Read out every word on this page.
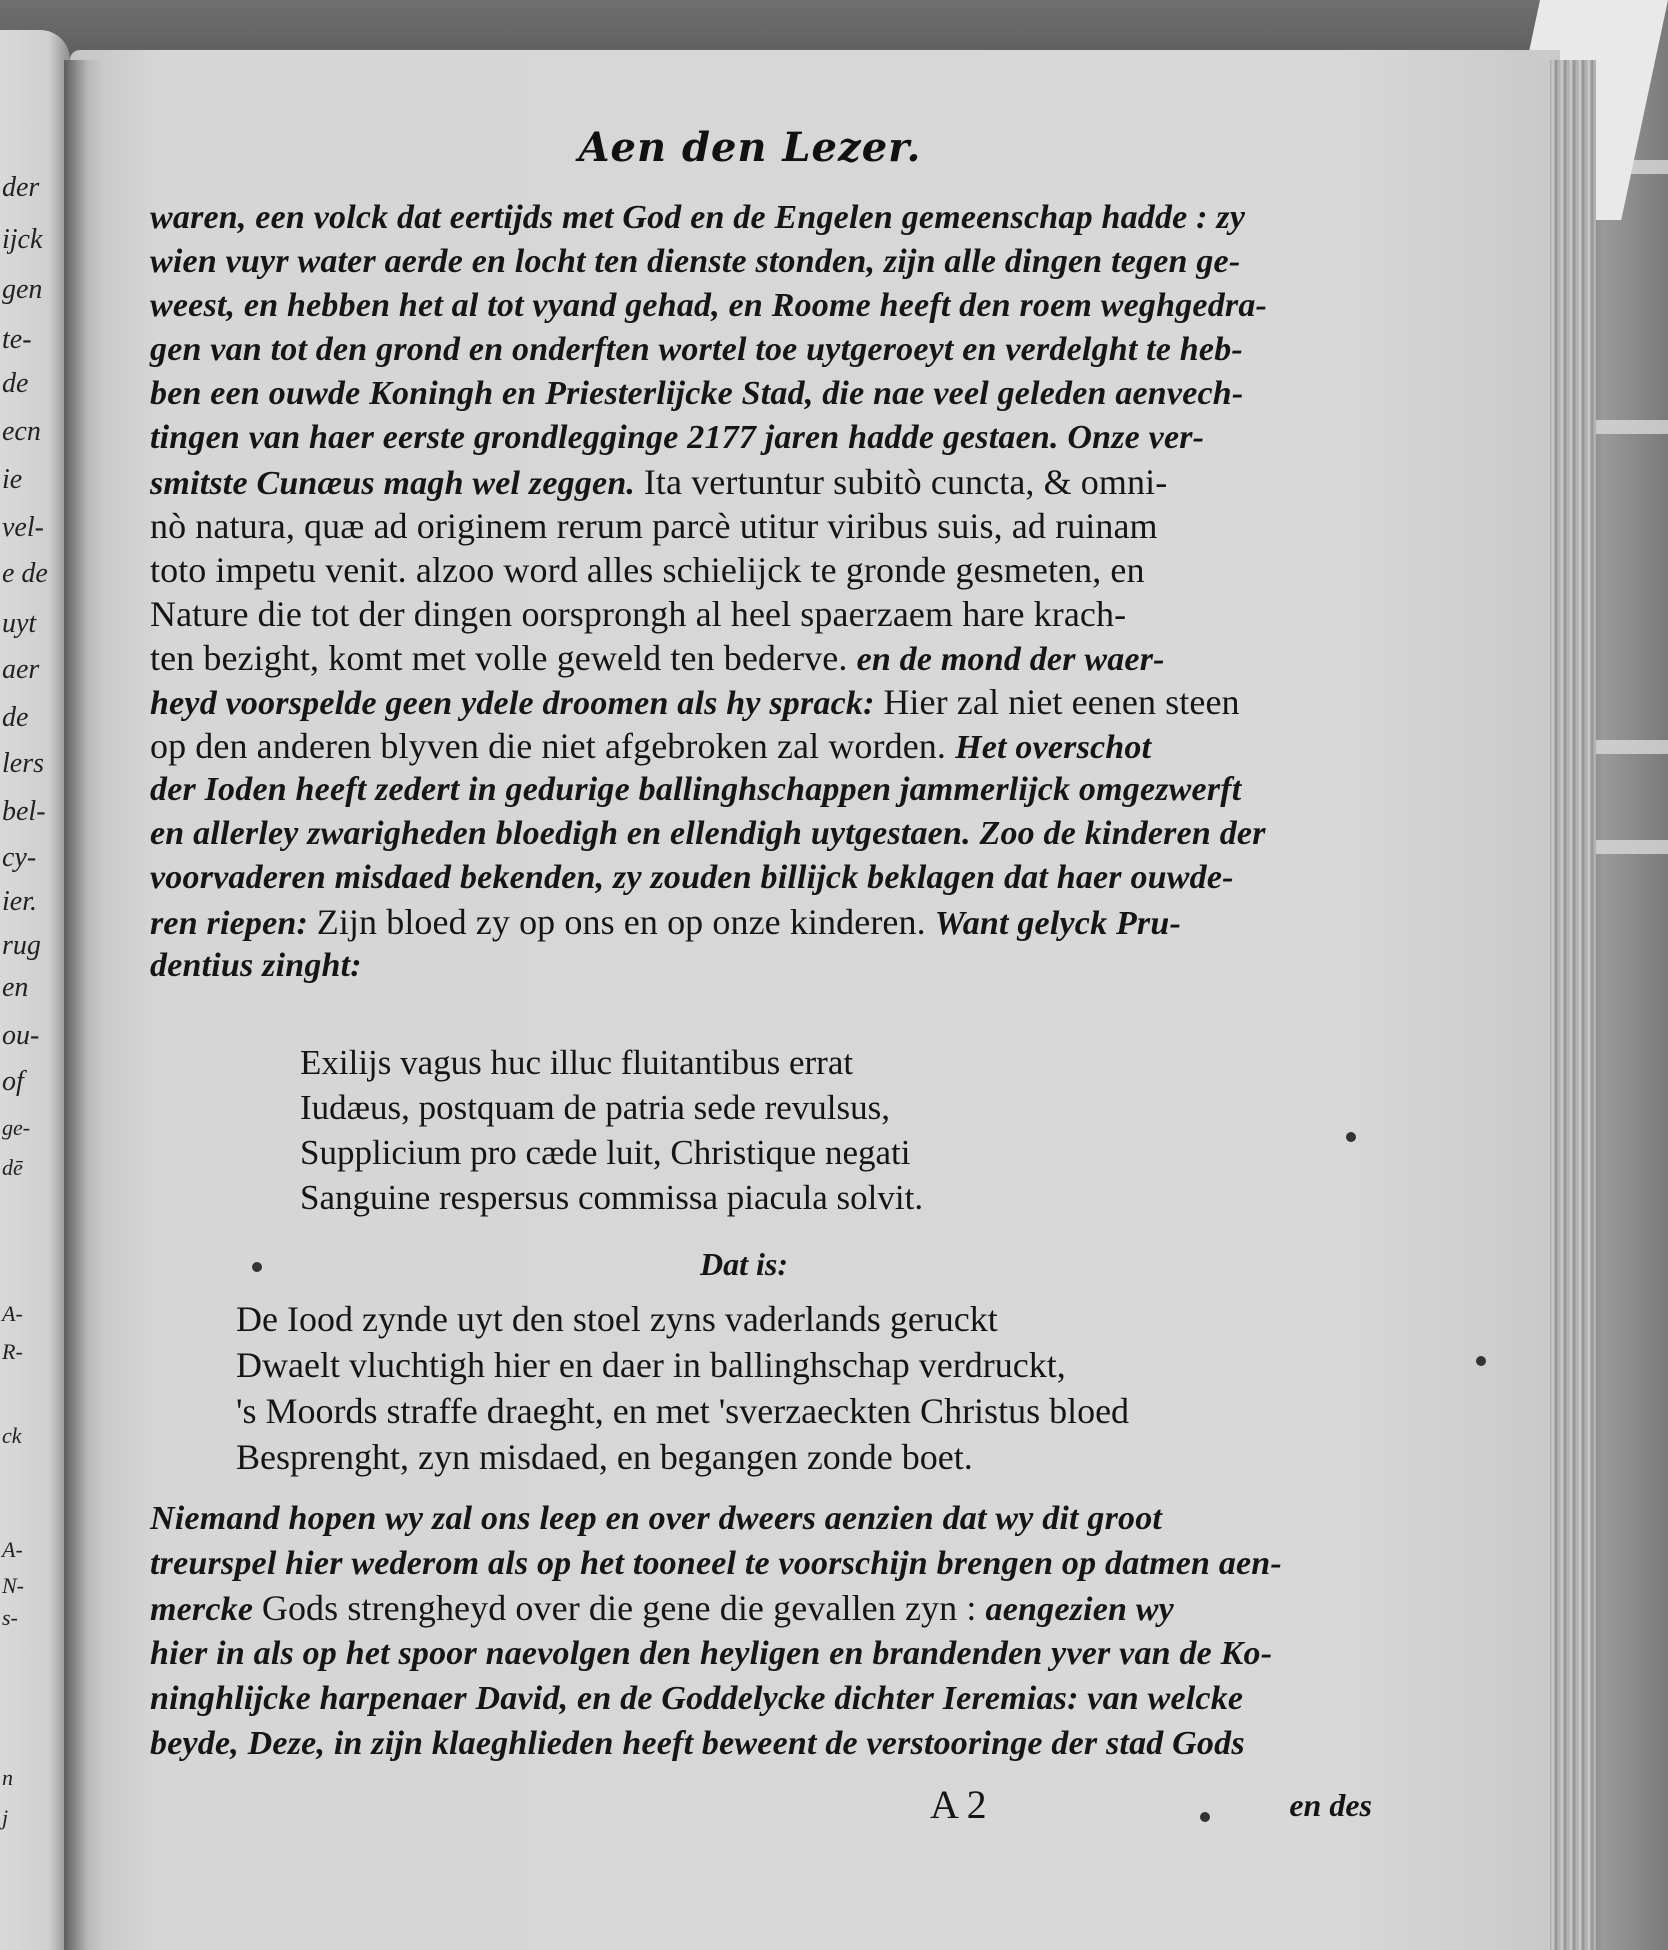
der
ijck
gen
te-
de
ecn
ie
vel-
e de
uyt
aer
de
lers
bel-
cy-
ier.
rug
en
ou-
of
ge-
dē
A-
R-
ck
A-
N-
s-
n
j
Aen den Lezer.
waren, een volck dat eertijds met God en de Engelen gemeenschap hadde : zy
wien vuyr water aerde en locht ten dienste stonden, zijn alle dingen tegen ge-
weest, en hebben het al tot vyand gehad, en Roome heeft den roem weghgedra-
gen van tot den grond en onderften wortel toe uytgeroeyt en verdelght te heb-
ben een ouwde Koningh en Priesterlijcke Stad, die nae veel geleden aenvech-
tingen van haer eerste grondlegginge 2177 jaren hadde gestaen. Onze ver-
smitste Cunæus magh wel zeggen. Ita vertuntur subitò cuncta, & omni-
nò natura, quæ ad originem rerum parcè utitur viribus suis, ad ruinam
toto impetu venit. alzoo word alles schielijck te gronde gesmeten, en
Nature die tot der dingen oorsprongh al heel spaerzaem hare krach-
ten bezight, komt met volle geweld ten bederve. en de mond der waer-
heyd voorspelde geen ydele droomen als hy sprack: Hier zal niet eenen steen
op den anderen blyven die niet afgebroken zal worden. Het overschot
der Ioden heeft zedert in gedurige ballinghschappen jammerlijck omgezwerft
en allerley zwarigheden bloedigh en ellendigh uytgestaen. Zoo de kinderen der
voorvaderen misdaed bekenden, zy zouden billijck beklagen dat haer ouwde-
ren riepen: Zijn bloed zy op ons en op onze kinderen. Want gelyck Pru-
dentius zinght:
Exilijs vagus huc illuc fluitantibus errat
Iudæus, postquam de patria sede revulsus,
Supplicium pro cæde luit, Christique negati
Sanguine respersus commissa piacula solvit.
Dat is:
De Iood zynde uyt den stoel zyns vaderlands geruckt
Dwaelt vluchtigh hier en daer in ballinghschap verdruckt,
's Moords straffe draeght, en met 'sverzaeckten Christus bloed
Besprenght, zyn misdaed, en begangen zonde boet.
Niemand hopen wy zal ons leep en over dweers aenzien dat wy dit groot
treurspel hier wederom als op het tooneel te voorschijn brengen op datmen aen-
mercke Gods strengheyd over die gene die gevallen zyn : aengezien wy
hier in als op het spoor naevolgen den heyligen en brandenden yver van de Ko-
ninghlijcke harpenaer David, en de Goddelycke dichter Ieremias: van welcke
beyde, Deze, in zijn klaeghlieden heeft beweent de verstooringe der stad Gods
A 2	en des
